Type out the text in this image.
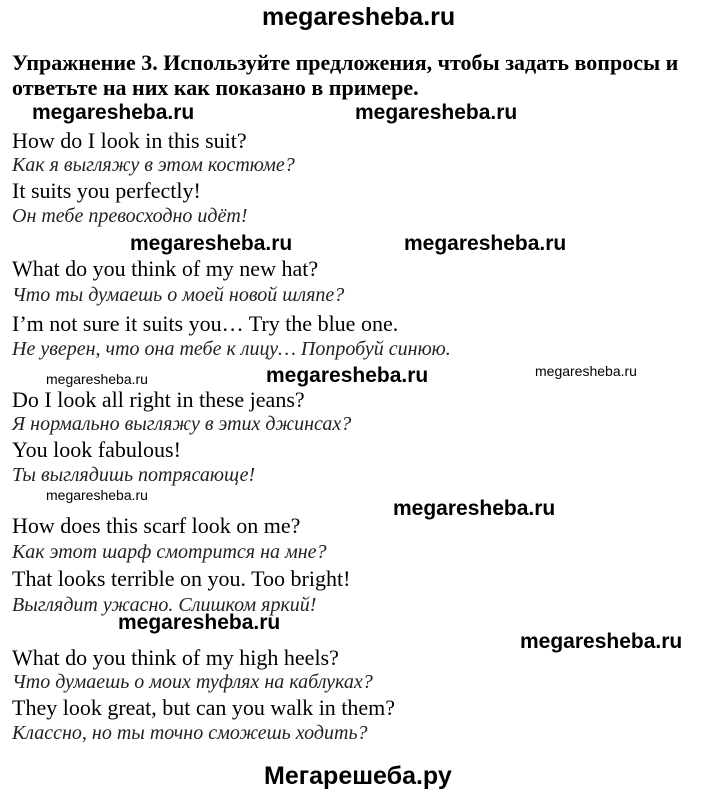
megaresheba.ru
Упражнение 3. Используйте предложения, чтобы задать вопросы и ответьте на них как показано в примере.
megaresheba.ru	megaresheba.ru
megaresheba.ru	megaresheba.ru
megaresheba.ru	megaresheba.ru	megaresheba.ru
megaresheba.ru
megaresheba.ru
megaresheba.ru
megaresheba.ru
How do I look in this suit?
Как я выгляжу в этом костюме?
It suits you perfectly!
Он тебе превосходно идёт!
What do you think of my new hat?
Что ты думаешь о моей новой шляпе?
I’m not sure it suits you… Try the blue one.
Не уверен, что она тебе к лицу… Попробуй синюю.
Do I look all right in these jeans?
Я нормально выгляжу в этих джинсах?
You look fabulous!
Ты выглядишь потрясающе!
How does this scarf look on me?
Как этот шарф смотрится на мне?
That looks terrible on you. Too bright!
Выглядит ужасно. Слишком яркий!
What do you think of my high heels?
Что думаешь о моих туфлях на каблуках?
They look great, but can you walk in them?
Классно, но ты точно сможешь ходить?
Мегарешеба.ру
